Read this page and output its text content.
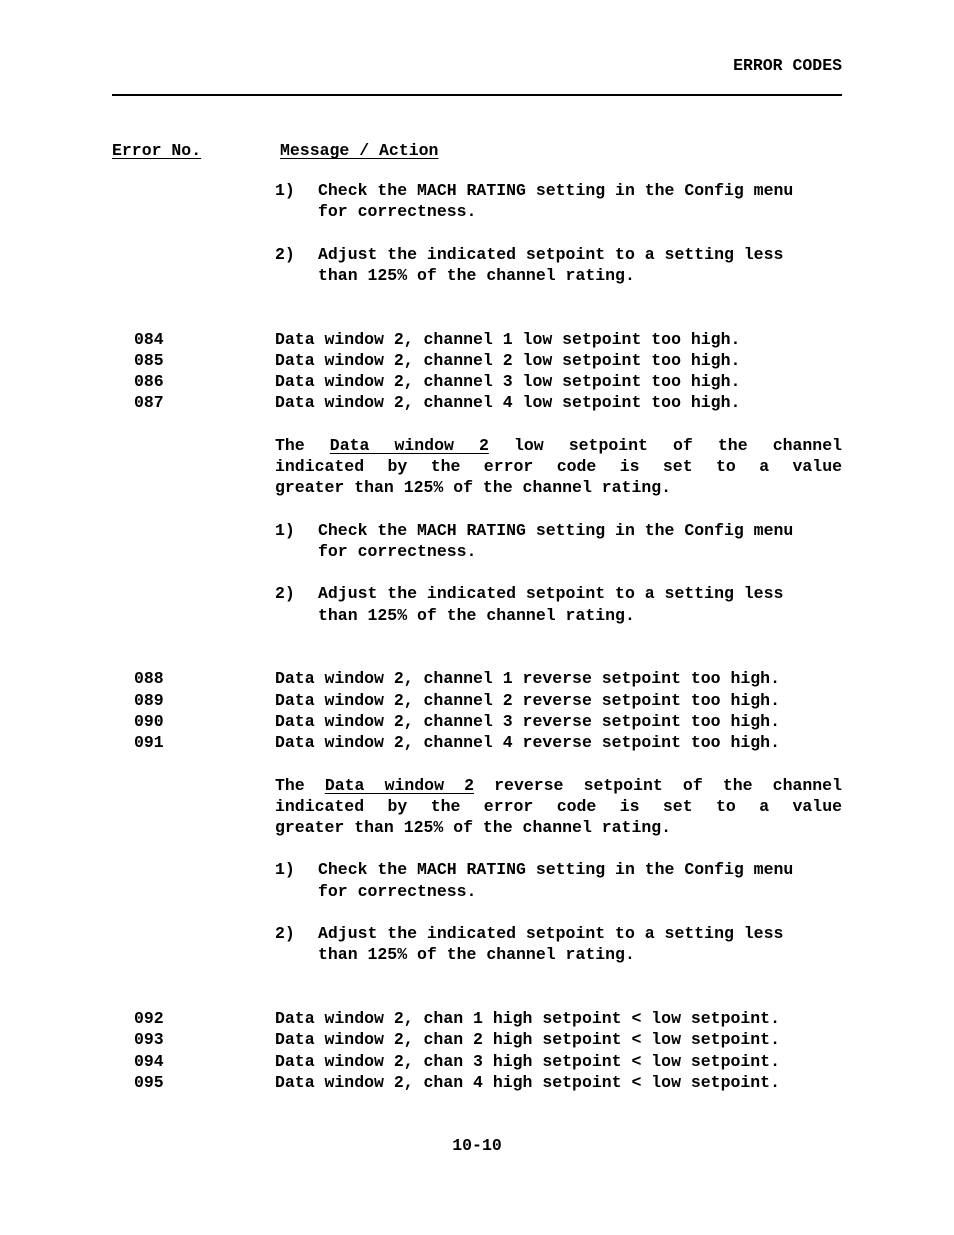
ERROR CODES
Error No.	Message / Action
1)	Check the MACH RATING setting in the Config menu
for correctness.
2)	Adjust the indicated setpoint to a setting less
than 125% of the channel rating.
084	Data window 2, channel 1 low setpoint too high.
085	Data window 2, channel 2 low setpoint too high.
086	Data window 2, channel 3 low setpoint too high.
087	Data window 2, channel 4 low setpoint too high.
The Data window 2 low setpoint of the channel
indicated by the error code is set to a value
greater than 125% of the channel rating.
1)	Check the MACH RATING setting in the Config menu
for correctness.
2)	Adjust the indicated setpoint to a setting less
than 125% of the channel rating.
088	Data window 2, channel 1 reverse setpoint too high.
089	Data window 2, channel 2 reverse setpoint too high.
090	Data window 2, channel 3 reverse setpoint too high.
091	Data window 2, channel 4 reverse setpoint too high.
The Data window 2 reverse setpoint of the channel
indicated by the error code is set to a value
greater than 125% of the channel rating.
1)	Check the MACH RATING setting in the Config menu
for correctness.
2)	Adjust the indicated setpoint to a setting less
than 125% of the channel rating.
092	Data window 2, chan 1 high setpoint < low setpoint.
093	Data window 2, chan 2 high setpoint < low setpoint.
094	Data window 2, chan 3 high setpoint < low setpoint.
095	Data window 2, chan 4 high setpoint < low setpoint.
10-10
